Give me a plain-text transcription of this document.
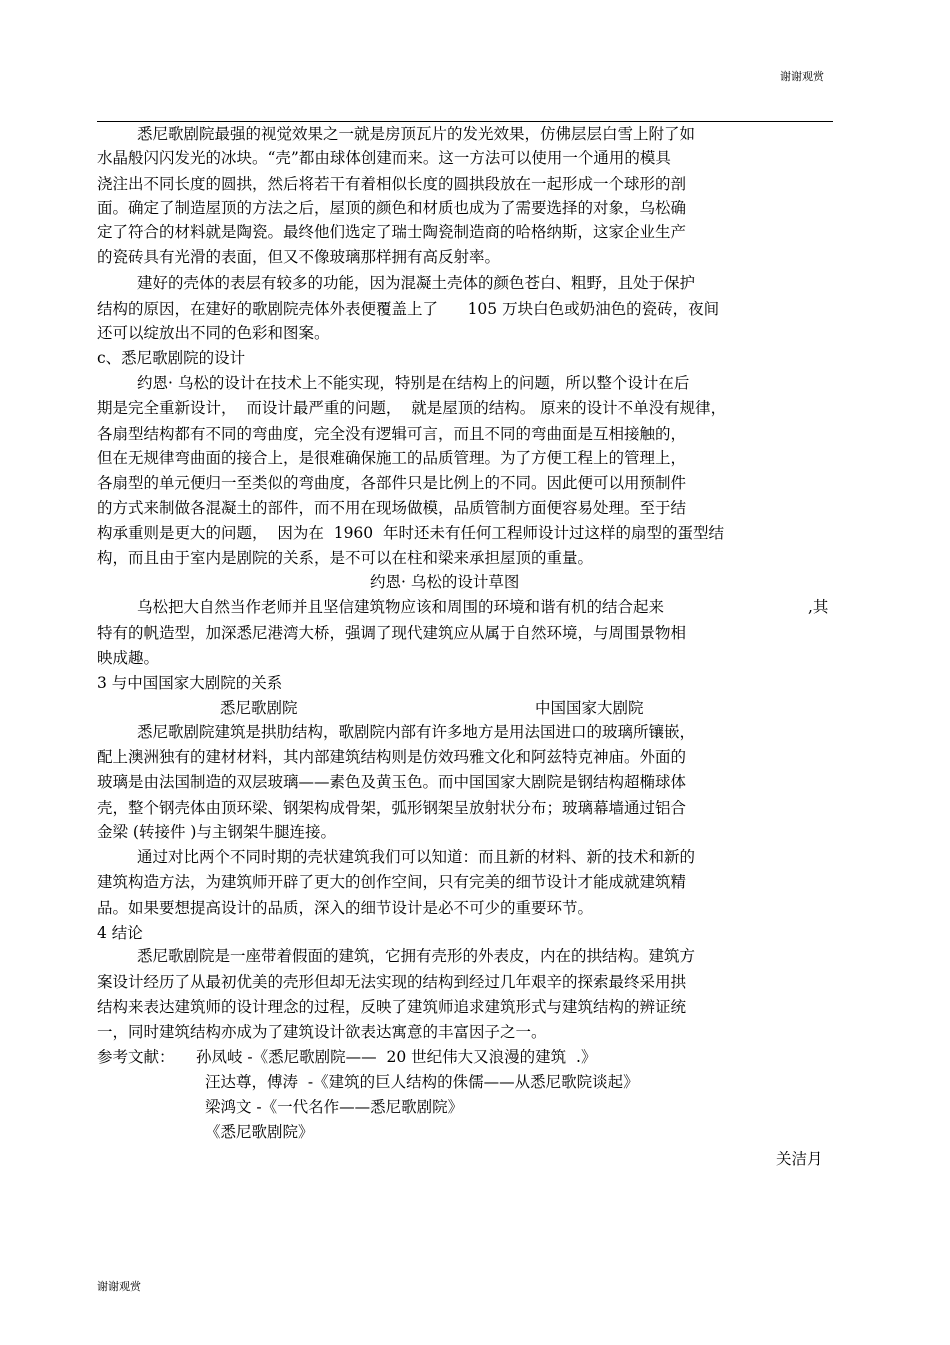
谢谢观赏
悉尼歌剧院最强的视觉效果之一就是房顶瓦片的发光效果，仿佛层层白雪上附了如
水晶般闪闪发光的冰块。“壳”都由球体创建而来。这一方法可以使用一个通用的模具
浇注出不同长度的圆拱，然后将若干有着相似长度的圆拱段放在一起形成一个球形的剖
面。确定了制造屋顶的方法之后，屋顶的颜色和材质也成为了需要选择的对象，乌松确
定了符合的材料就是陶瓷。最终他们选定了瑞士陶瓷制造商的哈格纳斯，这家企业生产
的瓷砖具有光滑的表面，但又不像玻璃那样拥有高反射率。
建好的壳体的表层有较多的功能，因为混凝土壳体的颜色苍白、粗野，且处于保护
结构的原因，在建好的歌剧院壳体外表便覆盖上了      105 万块白色或奶油色的瓷砖，夜间
还可以绽放出不同的色彩和图案。
c、悉尼歌剧院的设计
约恩· 乌松的设计在技术上不能实现，特别是在结构上的问题，所以整个设计在后
期是完全重新设计，  而设计最严重的问题，  就是屋顶的结构。 原来的设计不单没有规律，
各扇型结构都有不同的弯曲度，完全没有逻辑可言，而且不同的弯曲面是互相接触的，
但在无规律弯曲面的接合上，是很难确保施工的品质管理。为了方便工程上的管理上，
各扇型的单元便归一至类似的弯曲度，各部件只是比例上的不同。因此便可以用预制件
的方式来制做各混凝土的部件，而不用在现场做模，品质管制方面便容易处理。至于结
构承重则是更大的问题，  因为在  1960  年时还未有任何工程师设计过这样的扇型的蛋型结
构，而且由于室内是剧院的关系，是不可以在柱和梁来承担屋顶的重量。
约恩· 乌松的设计草图
乌松把大自然当作老师并且坚信建筑物应该和周围的环境和谐有机的结合起来	,其
特有的帆造型，加深悉尼港湾大桥，强调了现代建筑应从属于自然环境，与周围景物相
映成趣。
3 与中国国家大剧院的关系
悉尼歌剧院	中国国家大剧院
悉尼歌剧院建筑是拱肋结构，歌剧院内部有许多地方是用法国进口的玻璃所镶嵌，
配上澳洲独有的建材材料，其内部建筑结构则是仿效玛雅文化和阿兹特克神庙。外面的
玻璃是由法国制造的双层玻璃——素色及黄玉色。而中国国家大剧院是钢结构超椭球体
壳，整个钢壳体由顶环梁、钢架构成骨架，弧形钢架呈放射状分布；玻璃幕墙通过铝合
金梁 (转接件 )与主钢架牛腿连接。
通过对比两个不同时期的壳状建筑我们可以知道：而且新的材料、新的技术和新的
建筑构造方法，为建筑师开辟了更大的创作空间，只有完美的细节设计才能成就建筑精
品。如果要想提高设计的品质，深入的细节设计是必不可少的重要环节。
4 结论
悉尼歌剧院是一座带着假面的建筑，它拥有壳形的外表皮，内在的拱结构。建筑方
案设计经历了从最初优美的壳形但却无法实现的结构到经过几年艰辛的探索最终采用拱
结构来表达建筑师的设计理念的过程，反映了建筑师追求建筑形式与建筑结构的辨证统
一，同时建筑结构亦成为了建筑设计欲表达寓意的丰富因子之一。
参考文献： 孙凤岐 -《悉尼歌剧院——  20 世纪伟大又浪漫的建筑  .》
汪达尊，傅涛  -《建筑的巨人结构的侏儒——从悉尼歌院谈起》
梁鸿文 -《一代名作——悉尼歌剧院》
《悉尼歌剧院》
关洁月
谢谢观赏
